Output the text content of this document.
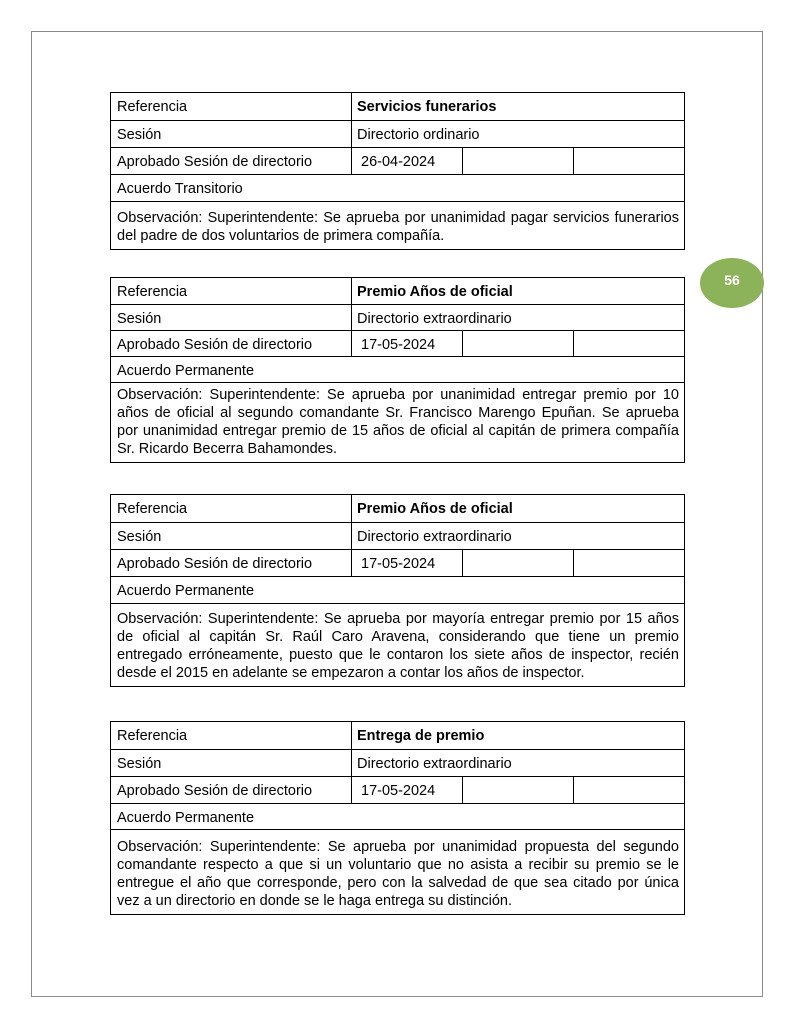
56
Referencia	Servicios funerarios
Sesión	Directorio ordinario
Aprobado Sesión de directorio	26-04-2024
Acuerdo Transitorio
Observación: Superintendente: Se aprueba por unanimidad pagar servicios funerarios del padre de dos voluntarios de primera compañía.
Referencia	Premio Años de oficial
Sesión	Directorio extraordinario
Aprobado Sesión de directorio	17-05-2024
Acuerdo Permanente
Observación: Superintendente: Se aprueba por unanimidad entregar premio por 10 años de oficial al segundo comandante Sr. Francisco Marengo Epuñan. Se aprueba por unanimidad entregar premio de 15 años de oficial al capitán de primera compañía Sr. Ricardo Becerra Bahamondes.
Referencia	Premio Años de oficial
Sesión	Directorio extraordinario
Aprobado Sesión de directorio	17-05-2024
Acuerdo Permanente
Observación: Superintendente: Se aprueba por mayoría entregar premio por 15 años de oficial al capitán Sr. Raúl Caro Aravena, considerando que tiene un premio entregado erróneamente, puesto que le contaron los siete años de inspector, recién desde el 2015 en adelante se empezaron a contar los años de inspector.
Referencia	Entrega de premio
Sesión	Directorio extraordinario
Aprobado Sesión de directorio	17-05-2024
Acuerdo Permanente
Observación: Superintendente: Se aprueba por unanimidad propuesta del segundo comandante respecto a que si un voluntario que no asista a recibir su premio se le entregue el año que corresponde, pero con la salvedad de que sea citado por única vez a un directorio en donde se le haga entrega su distinción.
